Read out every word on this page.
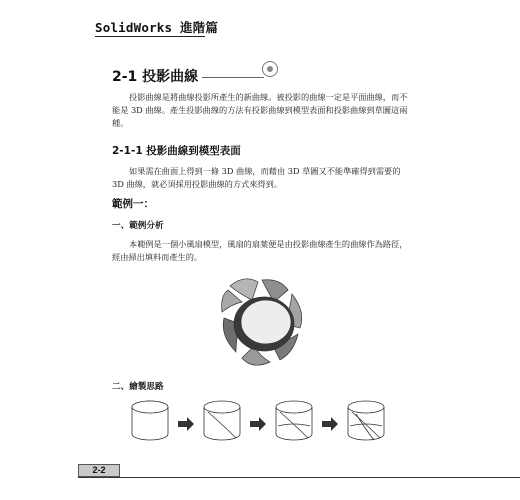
SolidWorks 進階篇
2-1 投影曲線

投影曲線是將曲線投影所產生的新曲線。被投影的曲線一定是平面曲線，而不能是 3D 曲線。產生投影曲線的方法有投影曲線到模型表面和投影曲線到草圖這兩種。

2-1-1 投影曲線到模型表面

如果需在曲面上得到一條 3D 曲線，而藉由 3D 草圖又不能準確得到需要的 3D 曲線，就必須採用投影曲線的方式來得到。

範例一：
一、範例分析

本範例是一個小風扇模型，風扇的扇葉便是由投影曲線產生的曲線作為路徑，經由掃出填料而產生的。

二、繪製思路
2-2
